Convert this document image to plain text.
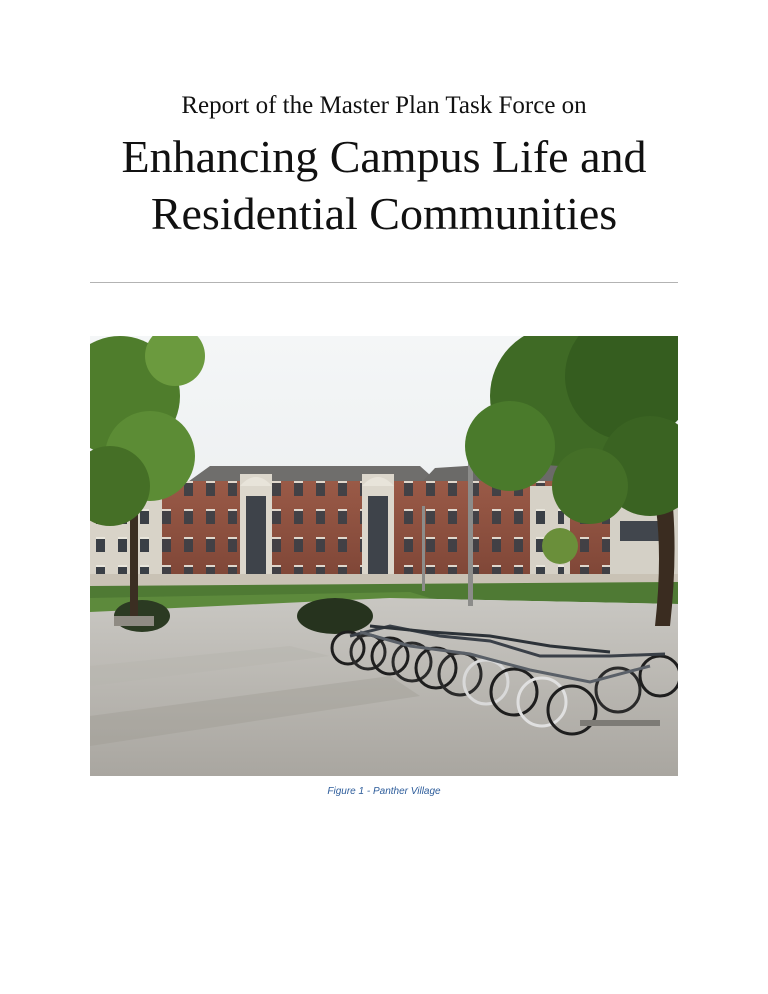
Report of the Master Plan Task Force on
Enhancing Campus Life and
Residential Communities
Figure 1 - Panther Village
